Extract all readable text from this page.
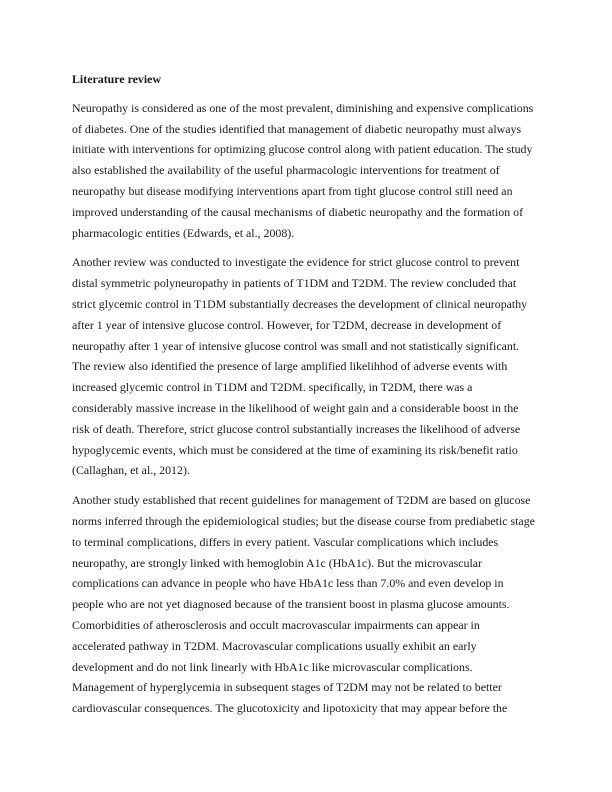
Literature review
Neuropathy is considered as one of the most prevalent, diminishing and expensive complications
of diabetes. One of the studies identified that management of diabetic neuropathy must always
initiate with interventions for optimizing glucose control along with patient education. The study
also established the availability of the useful pharmacologic interventions for treatment of
neuropathy but disease modifying interventions apart from tight glucose control still need an
improved understanding of the causal mechanisms of diabetic neuropathy and the formation of
pharmacologic entities (Edwards, et al., 2008).
Another review was conducted to investigate the evidence for strict glucose control to prevent
distal symmetric polyneuropathy in patients of T1DM and T2DM. The review concluded that
strict glycemic control in T1DM substantially decreases the development of clinical neuropathy
after 1 year of intensive glucose control. However, for T2DM, decrease in development of
neuropathy after 1 year of intensive glucose control was small and not statistically significant.
The review also identified the presence of large amplified likelihhod of adverse events with
increased glycemic control in T1DM and T2DM. specifically, in T2DM, there was a
considerably massive increase in the likelihood of weight gain and a considerable boost in the
risk of death. Therefore, strict glucose control substantially increases the likelihood of adverse
hypoglycemic events, which must be considered at the time of examining its risk/benefit ratio
(Callaghan, et al., 2012).
Another study established that recent guidelines for management of T2DM are based on glucose
norms inferred through the epidemiological studies; but the disease course from prediabetic stage
to terminal complications, differs in every patient. Vascular complications which includes
neuropathy, are strongly linked with hemoglobin A1c (HbA1c). But the microvascular
complications can advance in people who have HbA1c less than 7.0% and even develop in
people who are not yet diagnosed because of the transient boost in plasma glucose amounts.
Comorbidities of atherosclerosis and occult macrovascular impairments can appear in
accelerated pathway in T2DM. Macrovascular complications usually exhibit an early
development and do not link linearly with HbA1c like microvascular complications.
Management of hyperglycemia in subsequent stages of T2DM may not be related to better
cardiovascular consequences. The glucotoxicity and lipotoxicity that may appear before the
